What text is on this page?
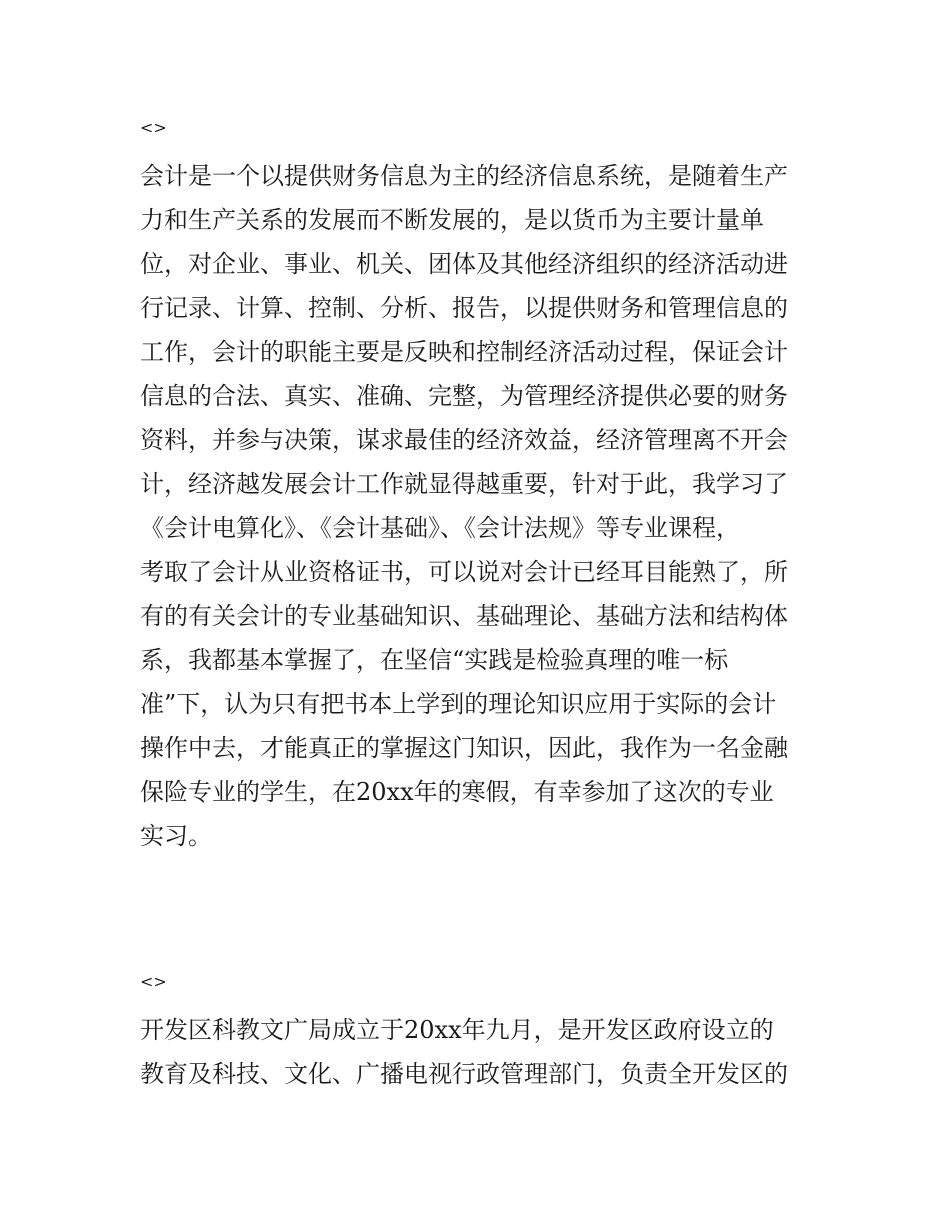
<>

会计是一个以提供财务信息为主的经济信息系统，是随着生产
力和生产关系的发展而不断发展的，是以货币为主要计量单
位，对企业、事业、机关、团体及其他经济组织的经济活动进
行记录、计算、控制、分析、报告，以提供财务和管理信息的
工作，会计的职能主要是反映和控制经济活动过程，保证会计
信息的合法、真实、准确、完整，为管理经济提供必要的财务
资料，并参与决策，谋求最佳的经济效益，经济管理离不开会
计，经济越发展会计工作就显得越重要，针对于此，我学习了
《会计电算化》、《会计基础》、《会计法规》等专业课程，
考取了会计从业资格证书，可以说对会计已经耳目能熟了，所
有的有关会计的专业基础知识、基础理论、基础方法和结构体
系，我都基本掌握了，在坚信“实践是检验真理的唯一标
准”下，认为只有把书本上学到的理论知识应用于实际的会计
操作中去，才能真正的掌握这门知识，因此，我作为一名金融
保险专业的学生，在20xx年的寒假，有幸参加了这次的专业
实习。

<>

开发区科教文广局成立于20xx年九月，是开发区政府设立的
教育及科技、文化、广播电视行政管理部门，负责全开发区的
